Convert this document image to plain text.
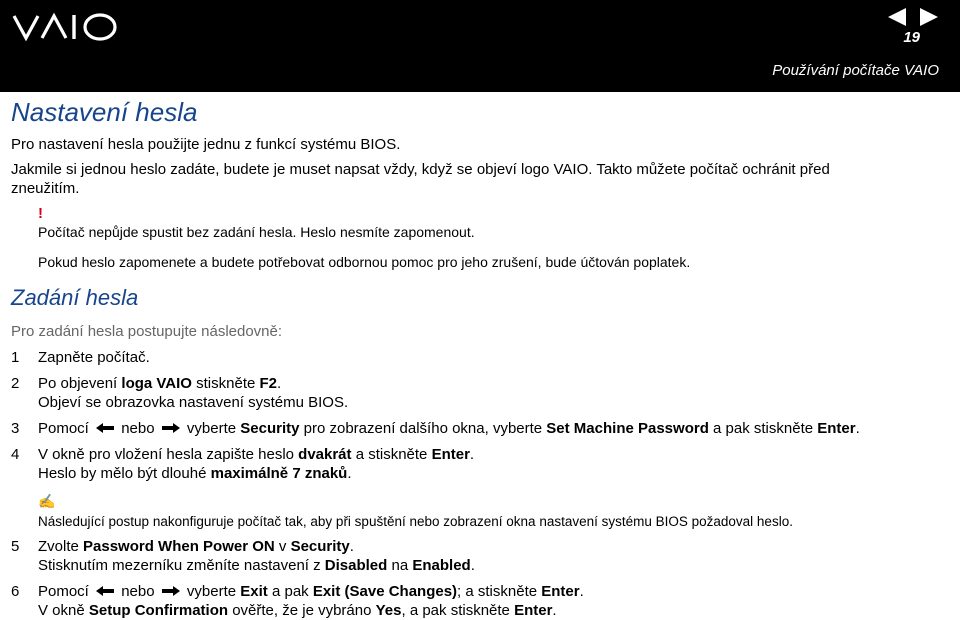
19
Používání počítače VAIO
Nastavení hesla

Pro nastavení hesla použijte jednu z funkcí systému BIOS.

Jakmile si jednou heslo zadáte, budete je muset napsat vždy, když se objeví logo VAIO. Takto můžete počítač ochránit před

zneužitím.

!

Počítač nepůjde spustit bez zadání hesla. Heslo nesmíte zapomenout.

Pokud heslo zapomenete a budete potřebovat odbornou pomoc pro jeho zrušení, bude účtován poplatek.

Zadání hesla

Pro zadání hesla postupujte následovně:

1 Zapněte počítač.
2 Po objevení loga VAIO stiskněte F2.
Objeví se obrazovka nastavení systému BIOS.
3 Pomocí  nebo vyberte Security pro zobrazení dalšího okna, vyberte Set Machine Password a pak stiskněte Enter.
4 V okně pro vložení hesla zapište heslo dvakrát a stiskněte Enter.
Heslo by mělo být dlouhé maximálně 7 znaků.
✍

Následující postup nakonfiguruje počítač tak, aby při spuštění nebo zobrazení okna nastavení systému BIOS požadoval heslo.

5 Zvolte Password When Power ON v Security.
Stisknutím mezerníku změníte nastavení z Disabled na Enabled.
6 Pomocí  nebo vyberte Exit a pak Exit (Save Changes); a stiskněte Enter.
V okně Setup Confirmation ověřte, že je vybráno Yes, a pak stiskněte Enter.
